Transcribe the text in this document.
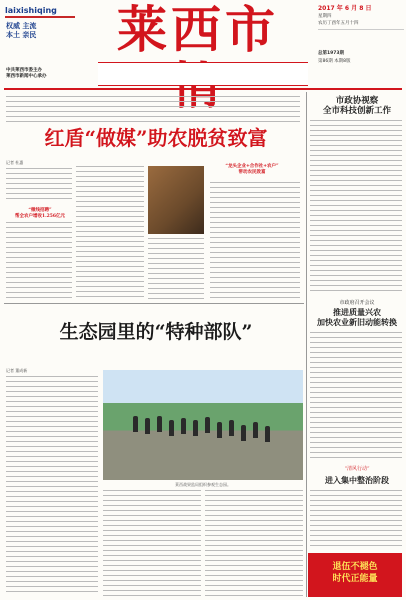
laixishiqing
权威 主流
本土 亲民	莱西市	2017 年 6 月 8 日
星期四
农历丁酉年五月十四
总第1973期
第86期 本期8版
中共莱西市委主办
莱西市新闻中心承办
红盾“做媒”助农脱贫致富
记者 杜惠
“微线招聘”
帮全农户增收1.256亿元
“龙头企业+合作社+农户”
带动农民致富
生态园里的“特种部队”
记者 董成新
莱西战果监局组织参观生态园。
市政协视察
全市科技创新工作
市政府召开会议
推进质量兴农
加快农业新旧动能转换
“清风行动”
进入集中整治阶段
退伍不褪色
时代正能量
